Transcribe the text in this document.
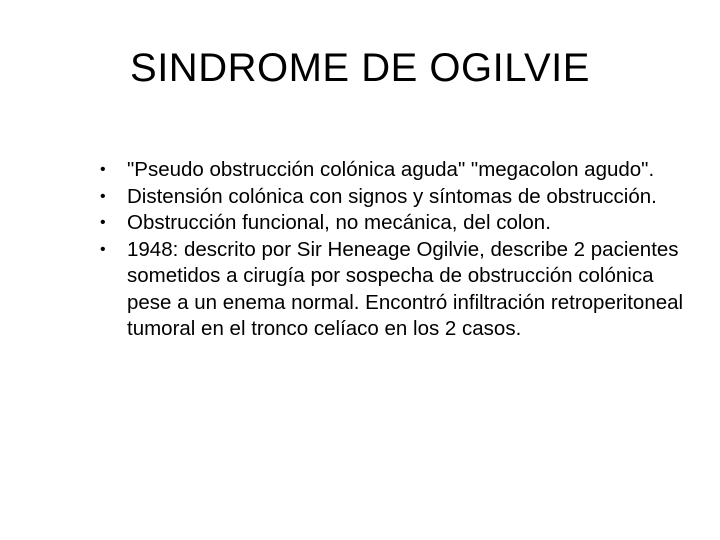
SINDROME DE OGILVIE
• "Pseudo obstrucción colónica aguda" "megacolon agudo".
• Distensión colónica con signos y síntomas de obstrucción.
• Obstrucción funcional, no mecánica, del colon.
• 1948: descrito por Sir Heneage Ogilvie, describe 2 pacientes sometidos a cirugía por sospecha de obstrucción colónica pese a un enema normal. Encontró infiltración retroperitoneal tumoral en el tronco celíaco en los 2 casos.
